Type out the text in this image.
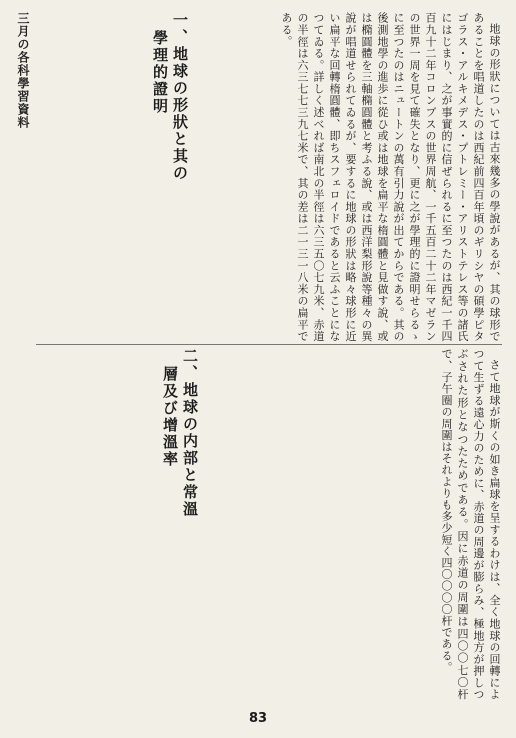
三月の各科學習資料	地球の形狀については古來幾多の學說があるが、其の球形であることを唱道したのは西紀前四百年頃のギリシヤの碩學ピタゴラス・アルキメデス・プトレミー・アリストテレス等の諸氏にはじまり、之が事實的に信ぜられるに至つたのは西紀一千四百九十二年コロンブスの世界周航、一千五百二十二年マゼランの世界一周を見て確失となり、更に之が學理的に證明せらるゝに至つたのはニュートンの萬有引力說が出てからである。其の後測地學の進歩に從ひ或は地球を扁平な楕圓體と見做す說、或は橢圓體を三軸橢圓體と考ふる說、或は西洋梨形說等種々の異說が唱道せられてゐるが、要するに地球の形狀は略々球形に近い扁平な回轉楕圓體、即ちスフェロイドであると云ふことになつてゐる。詳しく述べれば南北の半徑は六三五〇七九米、赤道の半徑は六三七七三九七米で、其の差は二一三一八米の扁平である。

一、地球の形狀と其の
學理的證明

さて地球が斯くの如き扁球を呈するわけは、全く地球の回轉によつて生ずる遠心力のために、赤道の周邊が膨らみ、極地方が押しつぶされた形となつたためである。因に赤道の周圍は四〇〇七〇杆で、子午圈の周圍はそれよりも多少短く四〇〇〇〇杆である。

二、地球の内部と常溫
層及び增溫率

83
